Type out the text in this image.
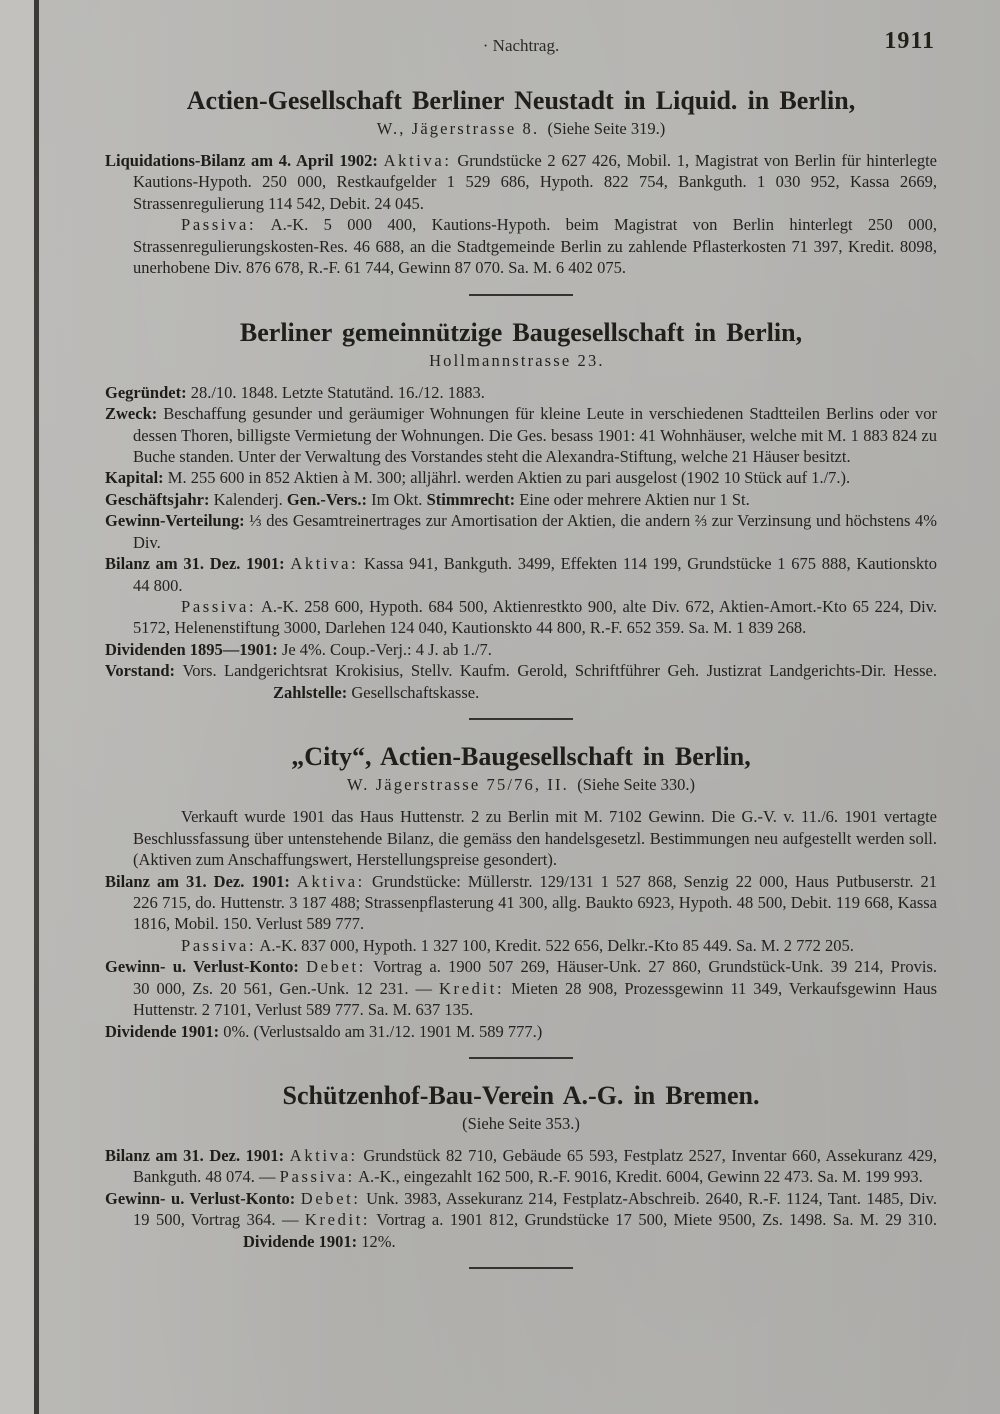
· Nachtrag.	1911
Actien-Gesellschaft Berliner Neustadt in Liquid. in Berlin,

W., Jägerstrasse 8.  (Siehe Seite 319.)

Liquidations-Bilanz am 4. April 1902: Aktiva: Grundstücke 2 627 426, Mobil. 1, Magistrat von Berlin für hinterlegte Kautions-Hypoth. 250 000, Restkaufgelder 1 529 686, Hypoth. 822 754, Bankguth. 1 030 952, Kassa 2669, Strassenregulierung 114 542, Debit. 24 045.

Passiva: A.-K. 5 000 400, Kautions-Hypoth. beim Magistrat von Berlin hinterlegt 250 000, Strassenregulierungskosten-Res. 46 688, an die Stadtgemeinde Berlin zu zahlende Pflasterkosten 71 397, Kredit. 8098, unerhobene Div. 876 678, R.-F. 61 744, Gewinn 87 070. Sa. M. 6 402 075.

Berliner gemeinnützige Baugesellschaft in Berlin,

Hollmannstrasse 23. 

Gegründet: 28./10. 1848. Letzte Statutänd. 16./12. 1883.

Zweck: Beschaffung gesunder und geräumiger Wohnungen für kleine Leute in verschiedenen Stadtteilen Berlins oder vor dessen Thoren, billigste Vermietung der Wohnungen. Die Ges. besass 1901: 41 Wohnhäuser, welche mit M. 1 883 824 zu Buche standen. Unter der Verwaltung des Vorstandes steht die Alexandra-Stiftung, welche 21 Häuser besitzt.

Kapital: M. 255 600 in 852 Aktien à M. 300; alljährl. werden Aktien zu pari ausgelost (1902 10 Stück auf 1./7.).

Geschäftsjahr: Kalenderj. Gen.-Vers.: Im Okt. Stimmrecht: Eine oder mehrere Aktien nur 1 St.

Gewinn-Verteilung: ⅓ des Gesamtreinertrages zur Amortisation der Aktien, die andern ⅔ zur Verzinsung und höchstens 4% Div.

Bilanz am 31. Dez. 1901: Aktiva: Kassa 941, Bankguth. 3499, Effekten 114 199, Grundstücke 1 675 888, Kautionskto 44 800.

Passiva: A.-K. 258 600, Hypoth. 684 500, Aktienrestkto 900, alte Div. 672, Aktien-Amort.-Kto 65 224, Div. 5172, Helenenstiftung 3000, Darlehen 124 040, Kautionskto 44 800, R.-F. 652 359. Sa. M. 1 839 268.

Dividenden 1895—1901: Je 4%. Coup.-Verj.: 4 J. ab 1./7.

Vorstand: Vors. Landgerichtsrat Krokisius, Stellv. Kaufm. Gerold, Schriftführer Geh. Justizrat Landgerichts-Dir. Hesse.Zahlstelle: Gesellschaftskasse.

„City“, Actien-Baugesellschaft in Berlin,

W. Jägerstrasse 75/76, II.  (Siehe Seite 330.)

Verkauft wurde 1901 das Haus Huttenstr. 2 zu Berlin mit M. 7102 Gewinn. Die G.-V. v. 11./6. 1901 vertagte Beschlussfassung über untenstehende Bilanz, die gemäss den handelsgesetzl. Bestimmungen neu aufgestellt werden soll. (Aktiven zum Anschaffungswert, Herstellungspreise gesondert).

Bilanz am 31. Dez. 1901: Aktiva: Grundstücke: Müllerstr. 129/131 1 527 868, Senzig 22 000, Haus Putbuserstr. 21 226 715, do. Huttenstr. 3 187 488; Strassenpflasterung 41 300, allg. Baukto 6923, Hypoth. 48 500, Debit. 119 668, Kassa 1816, Mobil. 150. Verlust 589 777.

Passiva: A.-K. 837 000, Hypoth. 1 327 100, Kredit. 522 656, Delkr.-Kto 85 449. Sa. M. 2 772 205.

Gewinn- u. Verlust-Konto: Debet: Vortrag a. 1900 507 269, Häuser-Unk. 27 860, Grundstück-Unk. 39 214, Provis. 30 000, Zs. 20 561, Gen.-Unk. 12 231. — Kredit: Mieten 28 908, Prozessgewinn 11 349, Verkaufsgewinn Haus Huttenstr. 2 7101, Verlust 589 777. Sa. M. 637 135.

Dividende 1901: 0%. (Verlustsaldo am 31./12. 1901 M. 589 777.)

Schützenhof-Bau-Verein A.-G. in Bremen.

(Siehe Seite 353.)

Bilanz am 31. Dez. 1901: Aktiva: Grundstück 82 710, Gebäude 65 593, Festplatz 2527, Inventar 660, Assekuranz 429, Bankguth. 48 074. — Passiva: A.-K., eingezahlt 162 500, R.-F. 9016, Kredit. 6004, Gewinn 22 473. Sa. M. 199 993.

Gewinn- u. Verlust-Konto: Debet: Unk. 3983, Assekuranz 214, Festplatz-Abschreib. 2640, R.-F. 1124, Tant. 1485, Div. 19 500, Vortrag 364. — Kredit: Vortrag a. 1901 812, Grundstücke 17 500, Miete 9500, Zs. 1498. Sa. M. 29 310.Dividende 1901: 12%.
